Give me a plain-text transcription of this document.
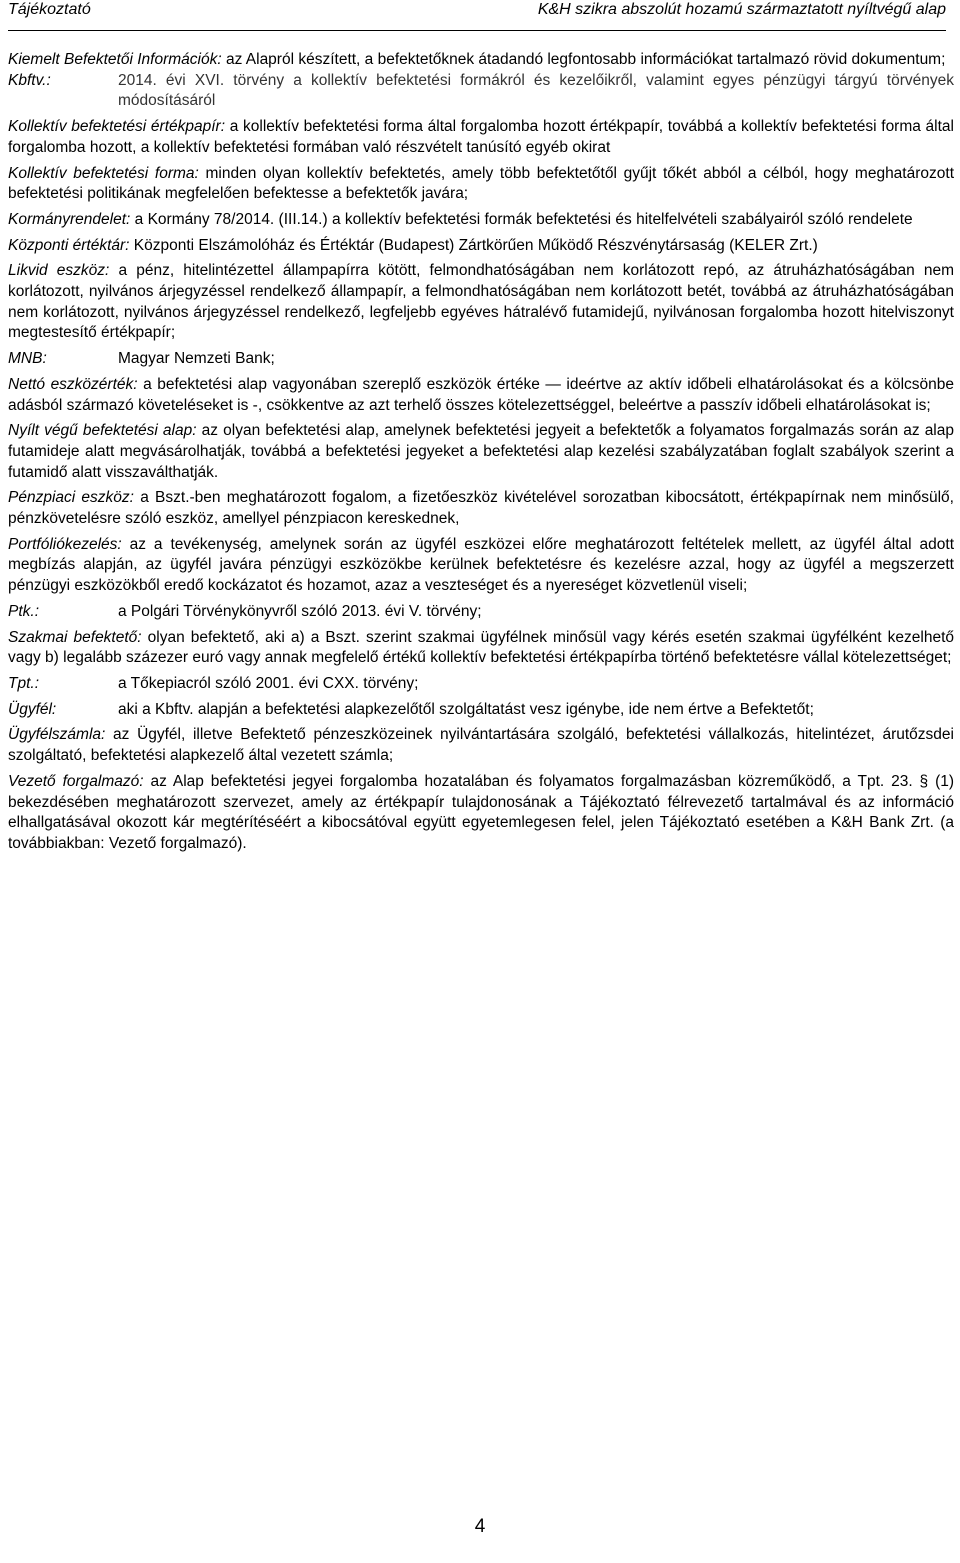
Tájékoztató	K&H szikra abszolút hozamú származtatott nyíltvégű alap
Kiemelt Befektetői Információk: az Alapról készített, a befektetőknek átadandó legfontosabb információkat tartalmazó rövid dokumentum;
Kbftv.:	2014. évi XVI. törvény a kollektív befektetési formákról és kezelőikről, valamint egyes pénzügyi tárgyú törvények módosításáról
Kollektív befektetési értékpapír: a kollektív befektetési forma által forgalomba hozott értékpapír, továbbá a kollektív befektetési forma által forgalomba hozott, a kollektív befektetési formában való részvételt tanúsító egyéb okirat
Kollektív befektetési forma: minden olyan kollektív befektetés, amely több befektetőtől gyűjt tőkét abból a célból, hogy meghatározott befektetési politikának megfelelően befektesse a befektetők javára;
Kormányrendelet: a Kormány 78/2014. (III.14.) a kollektív befektetési formák befektetési és hitelfelvételi szabályairól szóló rendelete
Központi értéktár: Központi Elszámolóház és Értéktár (Budapest) Zártkörűen Működő Részvénytársaság (KELER Zrt.)
Likvid eszköz: a pénz, hitelintézettel állampapírra kötött, felmondhatóságában nem korlátozott repó, az átruházhatóságában nem korlátozott, nyilvános árjegyzéssel rendelkező állampapír, a felmondhatóságában nem korlátozott betét, továbbá az átruházhatóságában nem korlátozott, nyilvános árjegyzéssel rendelkező, legfeljebb egyéves hátralévő futamidejű, nyilvánosan forgalomba hozott hitelviszonyt megtestesítő értékpapír;
MNB:	Magyar Nemzeti Bank;
Nettó eszközérték: a befektetési alap vagyonában szereplő eszközök értéke — ideértve az aktív időbeli elhatárolásokat és a kölcsönbe adásból származó követeléseket is -, csökkentve az azt terhelő összes kötelezettséggel, beleértve a passzív időbeli elhatárolásokat is;
Nyílt végű befektetési alap: az olyan befektetési alap, amelynek befektetési jegyeit a befektetők a folyamatos forgalmazás során az alap futamideje alatt megvásárolhatják, továbbá a befektetési jegyeket a befektetési alap kezelési szabályzatában foglalt szabályok szerint a futamidő alatt visszaválthatják.
Pénzpiaci eszköz: a Bszt.-ben meghatározott fogalom, a fizetőeszköz kivételével sorozatban kibocsátott, értékpapírnak nem minősülő, pénzkövetelésre szóló eszköz, amellyel pénzpiacon kereskednek,
Portfóliókezelés: az a tevékenység, amelynek során az ügyfél eszközei előre meghatározott feltételek mellett, az ügyfél által adott megbízás alapján, az ügyfél javára pénzügyi eszközökbe kerülnek befektetésre és kezelésre azzal, hogy az ügyfél a megszerzett pénzügyi eszközökből eredő kockázatot és hozamot, azaz a veszteséget és a nyereséget közvetlenül viseli;
Ptk.:	a Polgári Törvénykönyvről szóló 2013. évi V. törvény;
Szakmai befektető: olyan befektető, aki a) a Bszt. szerint szakmai ügyfélnek minősül vagy kérés esetén szakmai ügyfélként kezelhető vagy b) legalább százezer euró vagy annak megfelelő értékű kollektív befektetési értékpapírba történő befektetésre vállal kötelezettséget;
Tpt.:	a Tőkepiacról szóló 2001. évi CXX. törvény;
Ügyfél:	aki a Kbftv. alapján a befektetési alapkezelőtől szolgáltatást vesz igénybe, ide nem értve a Befektetőt;
Ügyfélszámla: az Ügyfél, illetve Befektető pénzeszközeinek nyilvántartására szolgáló, befektetési vállalkozás, hitelintézet, árutőzsdei szolgáltató, befektetési alapkezelő által vezetett számla;
Vezető forgalmazó: az Alap befektetési jegyei forgalomba hozatalában és folyamatos forgalmazásban közreműködő, a Tpt. 23. § (1) bekezdésében meghatározott szervezet, amely az értékpapír tulajdonosának a Tájékoztató félrevezető tartalmával és az információ elhallgatásával okozott kár megtérítéséért a kibocsátóval együtt egyetemlegesen felel, jelen Tájékoztató esetében a K&H Bank Zrt. (a továbbiakban: Vezető forgalmazó).
4
